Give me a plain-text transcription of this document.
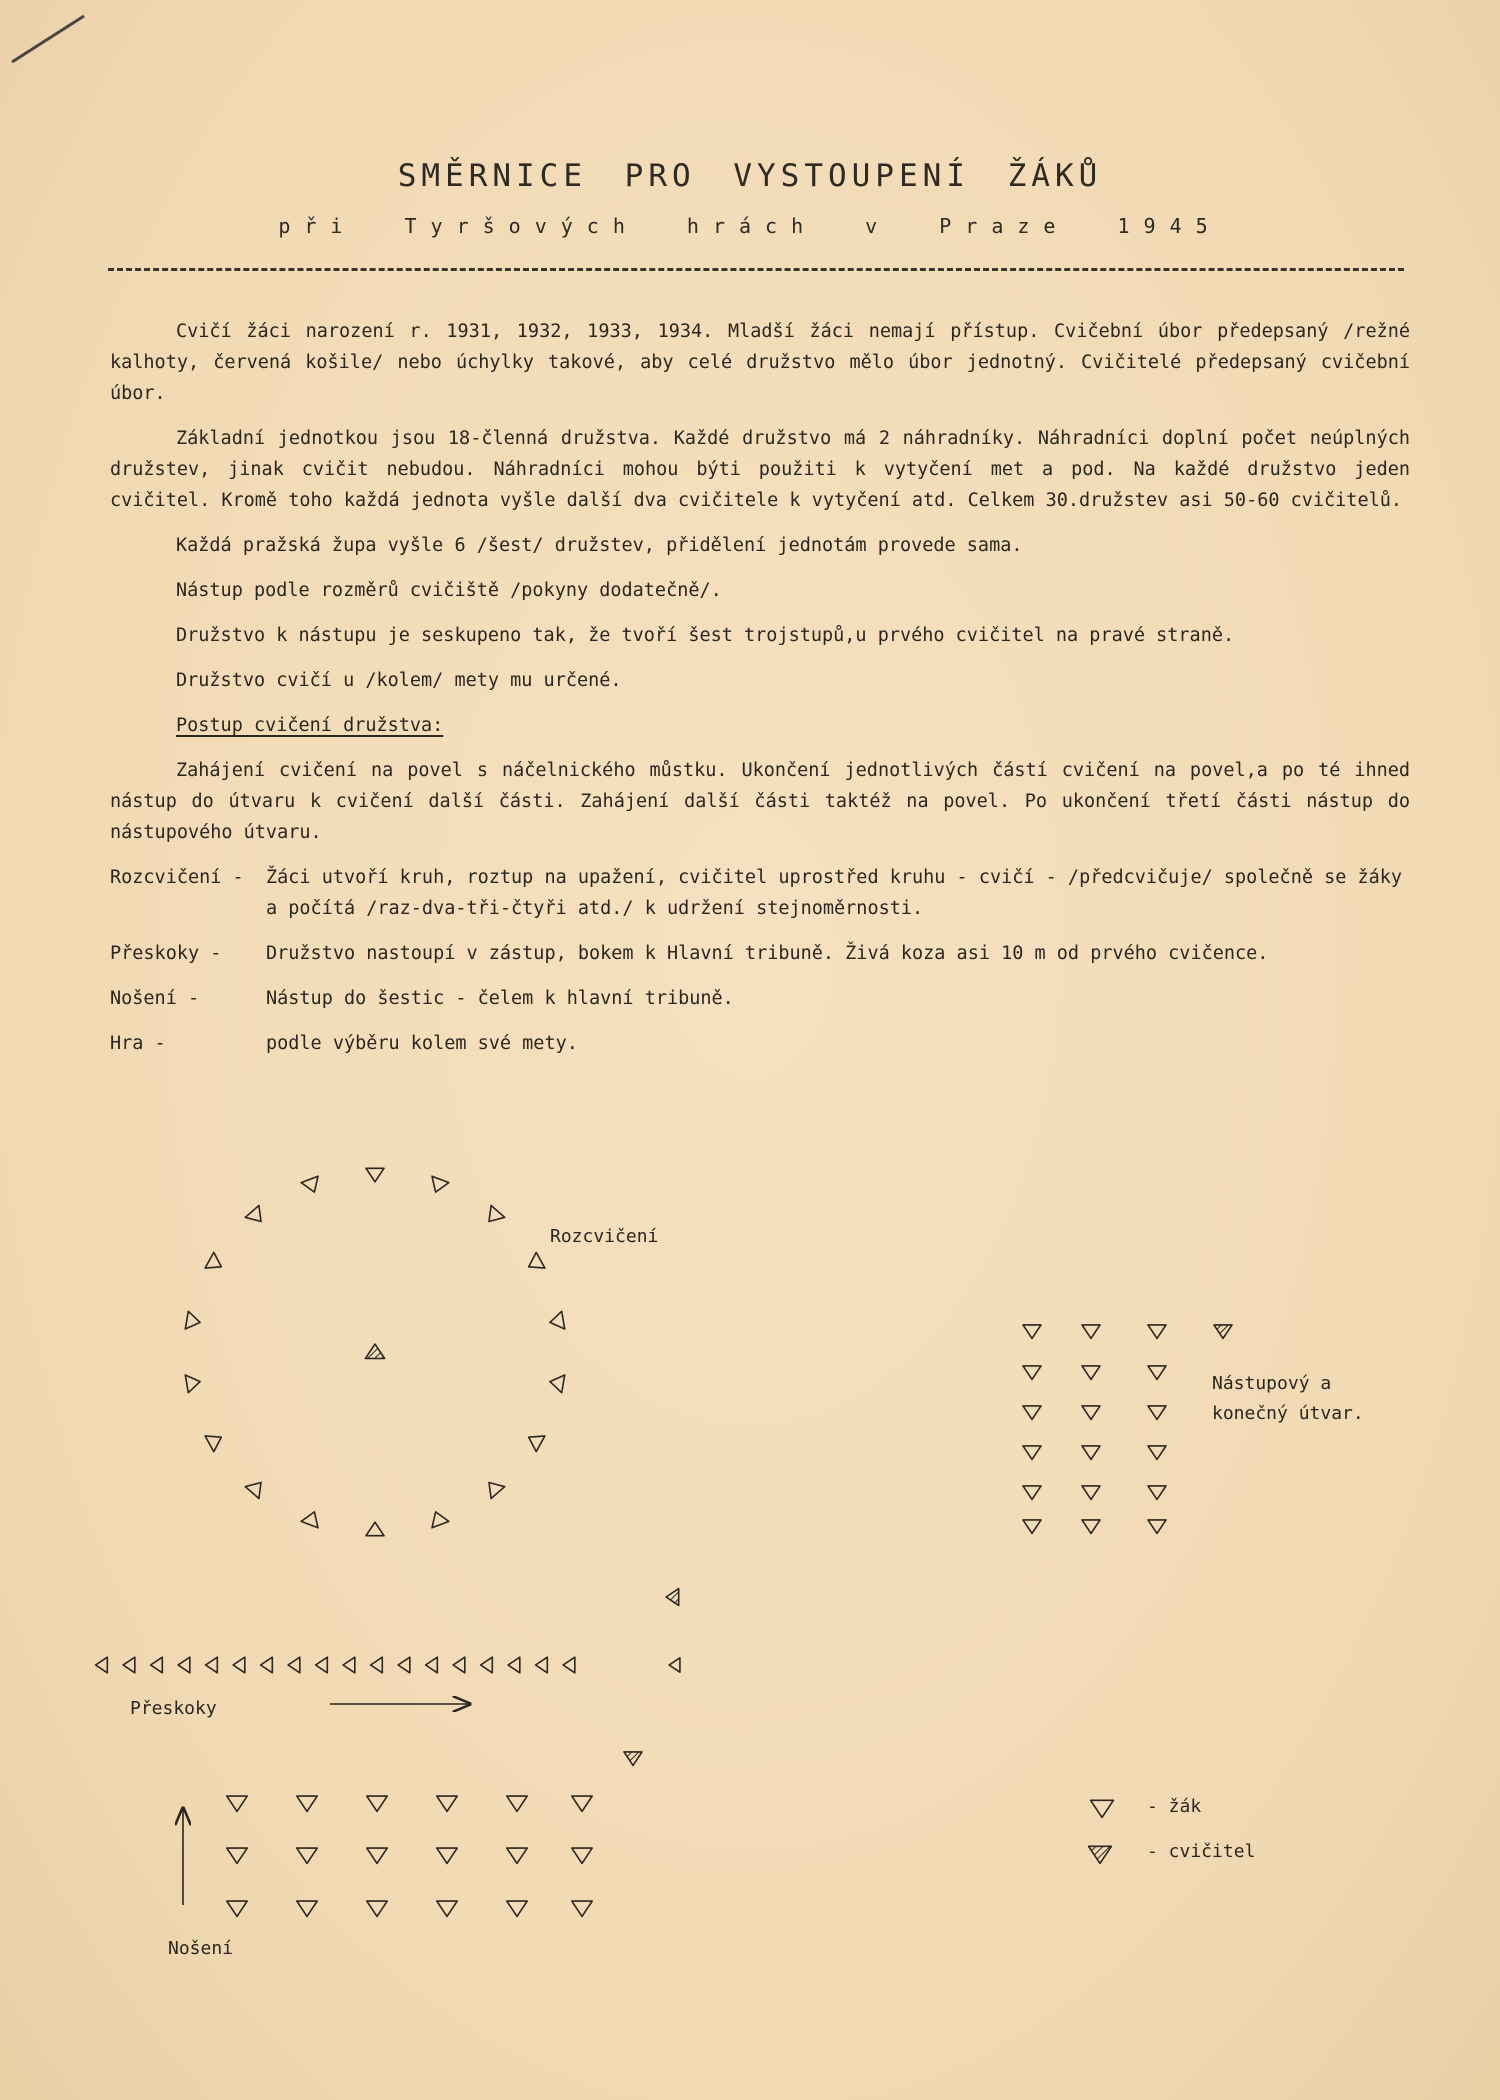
SMĚRNICE PRO VYSTOUPENÍ ŽÁKŮ
při Tyršových hrách v Praze 1945

Cvičí žáci narození r. 1931, 1932, 1933, 1934. Mladší žáci nemají přístup. Cvičební úbor předepsaný /režné kalhoty, červená košile/ nebo úchylky takové, aby celé družstvo mělo úbor jednotný. Cvičitelé předepsaný cvičební úbor.

Základní jednotkou jsou 18-členná družstva. Každé družstvo má 2 náhradníky. Náhradníci doplní počet neúplných družstev, jinak cvičit nebudou. Náhradníci mohou býti použiti k vytyčení met a pod. Na každé družstvo jeden cvičitel. Kromě toho každá jednota vyšle další dva cvičitele k vytyčení atd. Celkem 30.družstev asi 50-60 cvičitelů.

Každá pražská župa vyšle 6 /šest/ družstev, přidělení jednotám provede sama.

Nástup podle rozměrů cvičiště /pokyny dodatečně/.

Družstvo k nástupu je seskupeno tak, že tvoří šest trojstupů,u prvého cvičitel na pravé straně.

Družstvo cvičí u /kolem/ mety mu určené.

Postup cvičení družstva:

Zahájení cvičení na povel s náčelnického můstku. Ukončení jednotlivých částí cvičení na povel,a po té ihned nástup do útvaru k cvičení další části. Zahájení další části taktéž na povel. Po ukončení třetí části nástup do nástupového útvaru.

Rozcvičení -	Žáci utvoří kruh, roztup na upažení, cvičitel uprostřed kruhu - cvičí - /předcvičuje/ společně se žáky a počítá /raz-dva-tři-čtyři atd./ k udržení stejnoměrnosti.
Přeskoky -	Družstvo nastoupí v zástup, bokem k Hlavní tribuně. Živá koza asi 10 m od prvého cvičence.
Nošení -	Nástup do šestic - čelem k hlavní tribuně.
Hra -	podle výběru kolem své mety.
Rozcvičení
Nástupový a
konečný útvar.
Přeskoky
Nošení
- žák
- cvičitel
